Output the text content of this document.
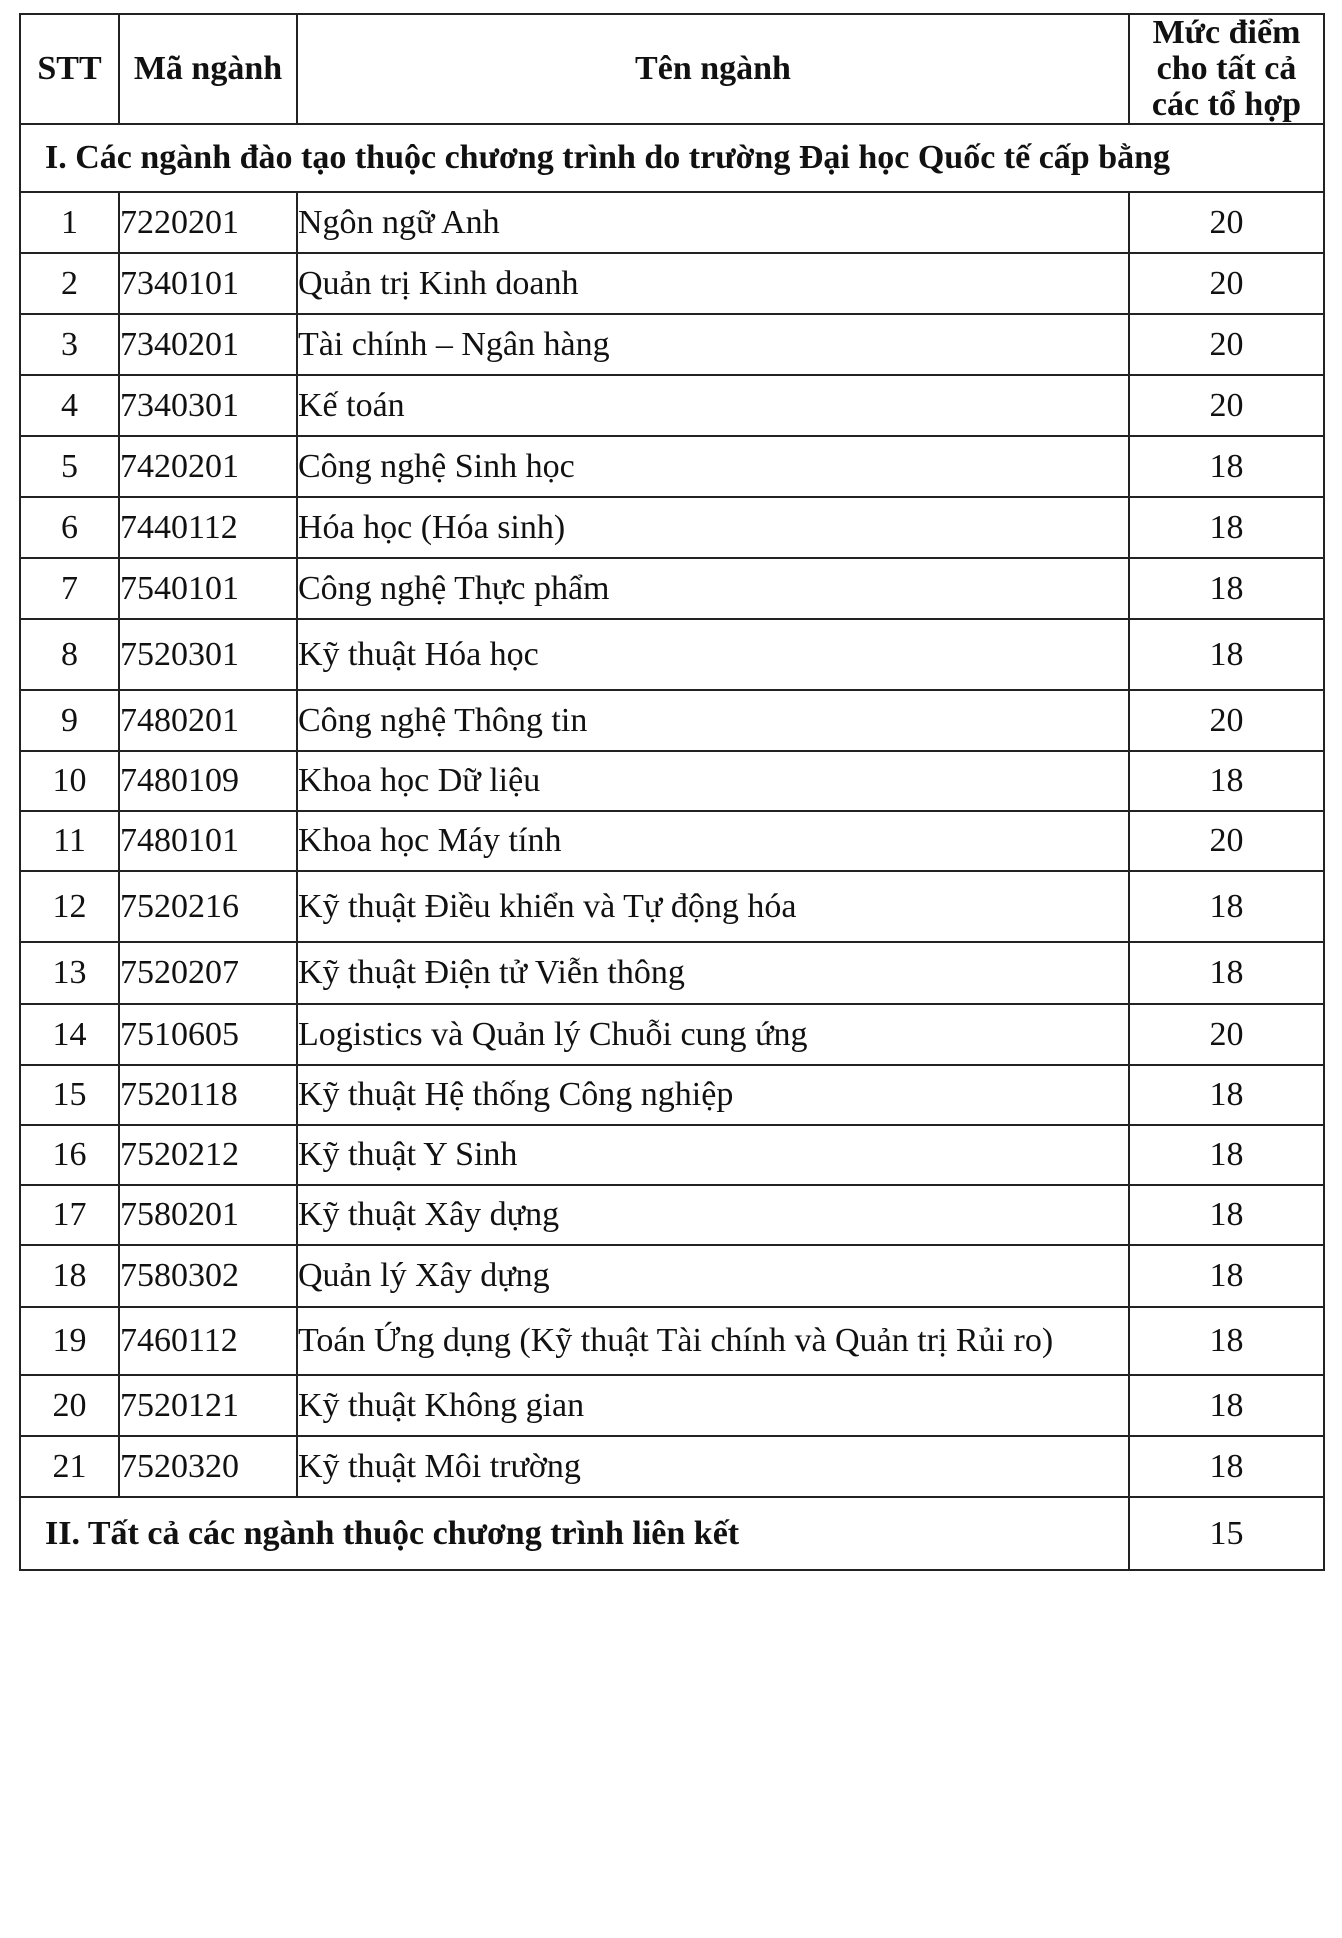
STT	Mã ngành	Tên ngành	Mức điểm cho tất cả các tổ hợp
I. Các ngành đào tạo thuộc chương trình do trường Đại học Quốc tế cấp bằng			
1	7220201	Ngôn ngữ Anh	20
2	7340101	Quản trị Kinh doanh	20
3	7340201	Tài chính – Ngân hàng	20
4	7340301	Kế toán	20
5	7420201	Công nghệ Sinh học	18
6	7440112	Hóa học (Hóa sinh)	18
7	7540101	Công nghệ Thực phẩm	18
8	7520301	Kỹ thuật Hóa học	18
9	7480201	Công nghệ Thông tin	20
10	7480109	Khoa học Dữ liệu	18
11	7480101	Khoa học Máy tính	20
12	7520216	Kỹ thuật Điều khiển và Tự động hóa	18
13	7520207	Kỹ thuật Điện tử Viễn thông	18
14	7510605	Logistics và Quản lý Chuỗi cung ứng	20
15	7520118	Kỹ thuật Hệ thống Công nghiệp	18
16	7520212	Kỹ thuật Y Sinh	18
17	7580201	Kỹ thuật Xây dựng	18
18	7580302	Quản lý Xây dựng	18
19	7460112	Toán Ứng dụng (Kỹ thuật Tài chính và Quản trị Rủi ro)	18
20	7520121	Kỹ thuật Không gian	18
21	7520320	Kỹ thuật Môi trường	18
II. Tất cả các ngành thuộc chương trình liên kết			15
